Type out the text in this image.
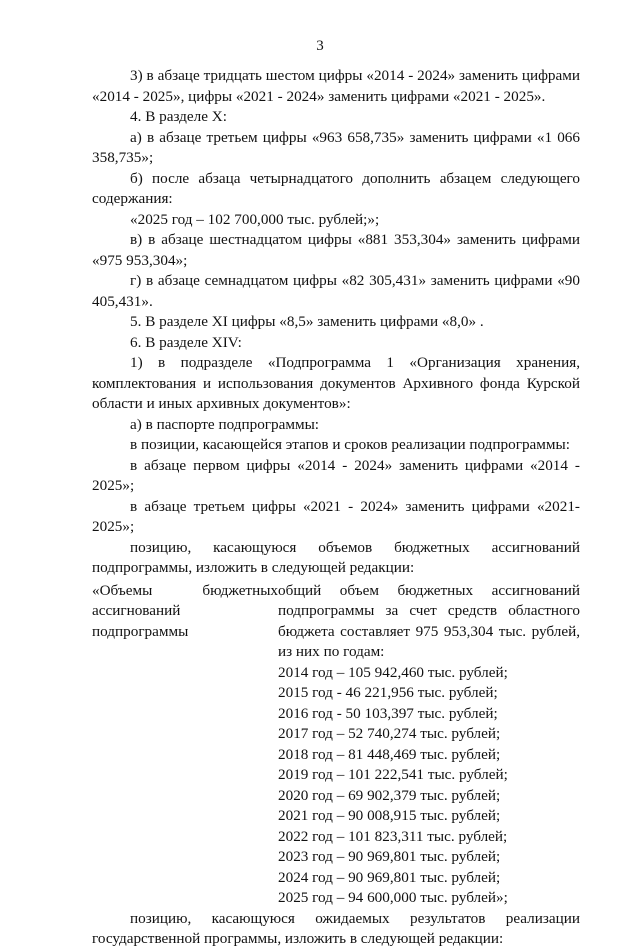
3
3) в абзаце тридцать шестом цифры «2014 - 2024» заменить цифрами «2014 - 2025», цифры «2021 - 2024» заменить цифрами «2021 - 2025».
4. В разделе X:
а) в абзаце третьем цифры «963 658,735» заменить цифрами «1 066 358,735»;
б) после абзаца четырнадцатого дополнить абзацем следующего содержания:
«2025 год – 102 700,000 тыс. рублей;»;
в) в абзаце шестнадцатом цифры «881 353,304» заменить цифрами «975 953,304»;
г) в абзаце семнадцатом цифры «82 305,431» заменить цифрами «90 405,431».
5. В разделе XI цифры «8,5» заменить цифрами «8,0» .
6. В разделе XIV:
1) в подразделе «Подпрограмма 1 «Организация хранения, комплектования и использования документов Архивного фонда Курской области и иных архивных документов»:
а) в паспорте подпрограммы:
в позиции, касающейся этапов и сроков реализации подпрограммы:
в абзаце первом цифры «2014 - 2024» заменить цифрами «2014 - 2025»;
в абзаце третьем цифры «2021 - 2024» заменить цифрами «2021-2025»;
позицию, касающуюся объемов бюджетных ассигнований подпрограммы, изложить в следующей редакции:
«Объемы бюджетных ассигнований подпрограммы
общий объем бюджетных ассигнований подпрограммы за счет средств областного бюджета составляет 975 953,304 тыс. рублей, из них по годам:
2014 год – 105 942,460 тыс. рублей;
2015 год - 46 221,956 тыс. рублей;
2016 год - 50 103,397 тыс. рублей;
2017 год – 52 740,274 тыс. рублей;
2018 год – 81 448,469 тыс. рублей;
2019 год – 101 222,541 тыс. рублей;
2020 год – 69 902,379 тыс. рублей;
2021 год – 90 008,915 тыс. рублей;
2022 год – 101 823,311 тыс. рублей;
2023 год – 90 969,801 тыс. рублей;
2024 год – 90 969,801 тыс. рублей;
2025 год – 94 600,000 тыс. рублей»;
позицию, касающуюся ожидаемых результатов реализации государственной программы, изложить в следующей редакции:
